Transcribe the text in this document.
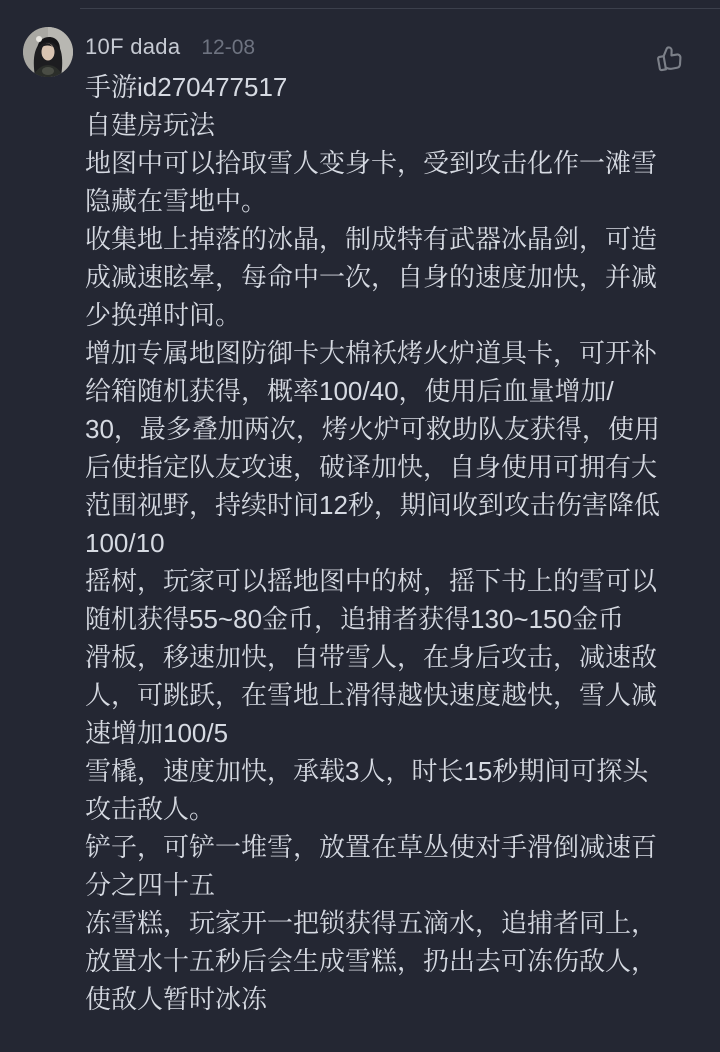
10F dada 12-08
手游id270477517
自建房玩法
地图中可以拾取雪人变身卡，受到攻击化作一滩雪
隐藏在雪地中。
收集地上掉落的冰晶，制成特有武器冰晶剑，可造
成减速眩晕，每命中一次，自身的速度加快，并减
少换弹时间。
增加专属地图防御卡大棉袄烤火炉道具卡，可开补
给箱随机获得，概率100/40，使用后血量增加/
30，最多叠加两次，烤火炉可救助队友获得，使用
后使指定队友攻速，破译加快，自身使用可拥有大
范围视野，持续时间12秒，期间收到攻击伤害降低
100/10
摇树，玩家可以摇地图中的树，摇下书上的雪可以
随机获得55~80金币，追捕者获得130~150金币
滑板，移速加快，自带雪人，在身后攻击，减速敌
人，可跳跃，在雪地上滑得越快速度越快，雪人减
速增加100/5
雪橇，速度加快，承载3人，时长15秒期间可探头
攻击敌人。
铲子，可铲一堆雪，放置在草丛使对手滑倒减速百
分之四十五
冻雪糕，玩家开一把锁获得五滴水，追捕者同上，
放置水十五秒后会生成雪糕，扔出去可冻伤敌人，
使敌人暂时冰冻
